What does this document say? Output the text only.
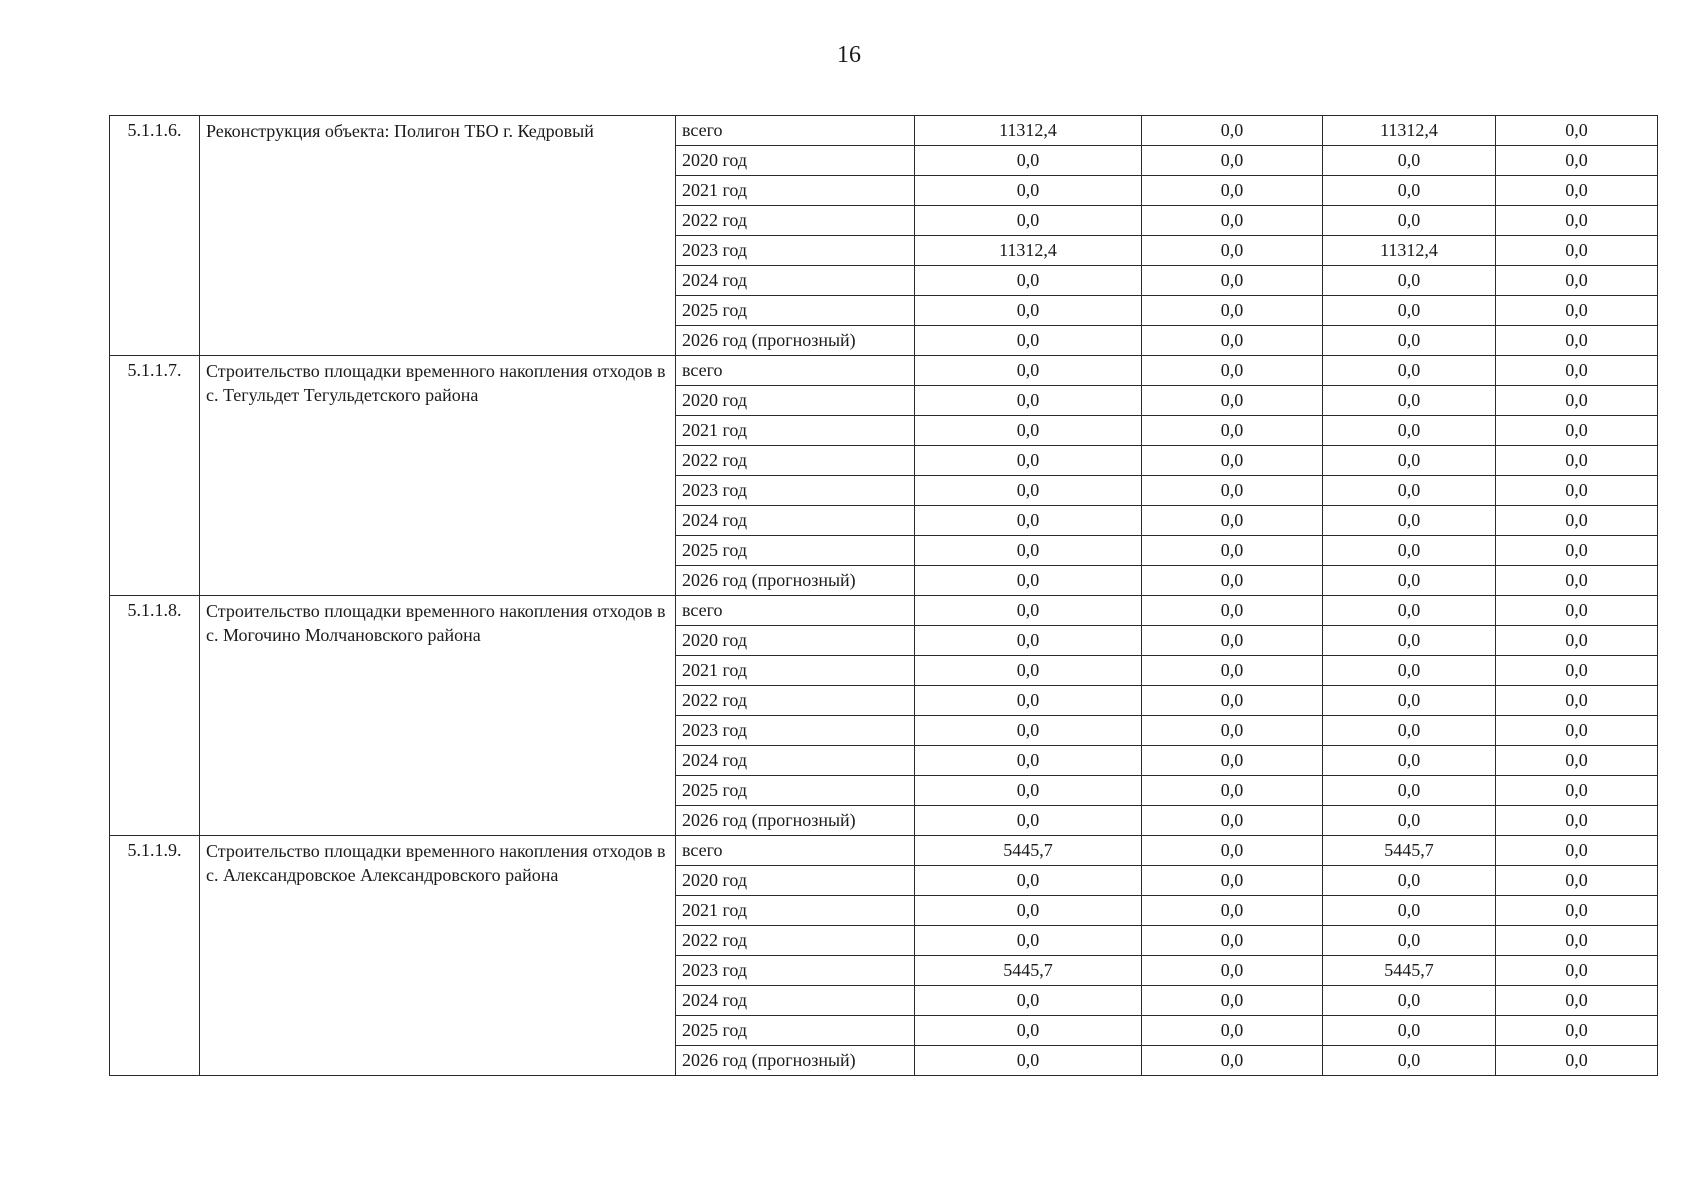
16
5.1.1.6.	Реконструкция объекта: Полигон ТБО г. Кедровый	всего	11312,4	0,0	11312,4	0,0
		2020 год	0,0	0,0	0,0	0,0
		2021 год	0,0	0,0	0,0	0,0
		2022 год	0,0	0,0	0,0	0,0
		2023 год	11312,4	0,0	11312,4	0,0
		2024 год	0,0	0,0	0,0	0,0
		2025 год	0,0	0,0	0,0	0,0
		2026 год (прогнозный)	0,0	0,0	0,0	0,0
5.1.1.7.	Строительство площадки временного накопления отходов в с. Тегульдет Тегульдетского района	всего	0,0	0,0	0,0	0,0
		2020 год	0,0	0,0	0,0	0,0
		2021 год	0,0	0,0	0,0	0,0
		2022 год	0,0	0,0	0,0	0,0
		2023 год	0,0	0,0	0,0	0,0
		2024 год	0,0	0,0	0,0	0,0
		2025 год	0,0	0,0	0,0	0,0
		2026 год (прогнозный)	0,0	0,0	0,0	0,0
5.1.1.8.	Строительство площадки временного накопления отходов в с. Могочино Молчановского района	всего	0,0	0,0	0,0	0,0
		2020 год	0,0	0,0	0,0	0,0
		2021 год	0,0	0,0	0,0	0,0
		2022 год	0,0	0,0	0,0	0,0
		2023 год	0,0	0,0	0,0	0,0
		2024 год	0,0	0,0	0,0	0,0
		2025 год	0,0	0,0	0,0	0,0
		2026 год (прогнозный)	0,0	0,0	0,0	0,0
5.1.1.9.	Строительство площадки временного накопления отходов в с. Александровское Александровского района	всего	5445,7	0,0	5445,7	0,0
		2020 год	0,0	0,0	0,0	0,0
		2021 год	0,0	0,0	0,0	0,0
		2022 год	0,0	0,0	0,0	0,0
		2023 год	5445,7	0,0	5445,7	0,0
		2024 год	0,0	0,0	0,0	0,0
		2025 год	0,0	0,0	0,0	0,0
		2026 год (прогнозный)	0,0	0,0	0,0	0,0
